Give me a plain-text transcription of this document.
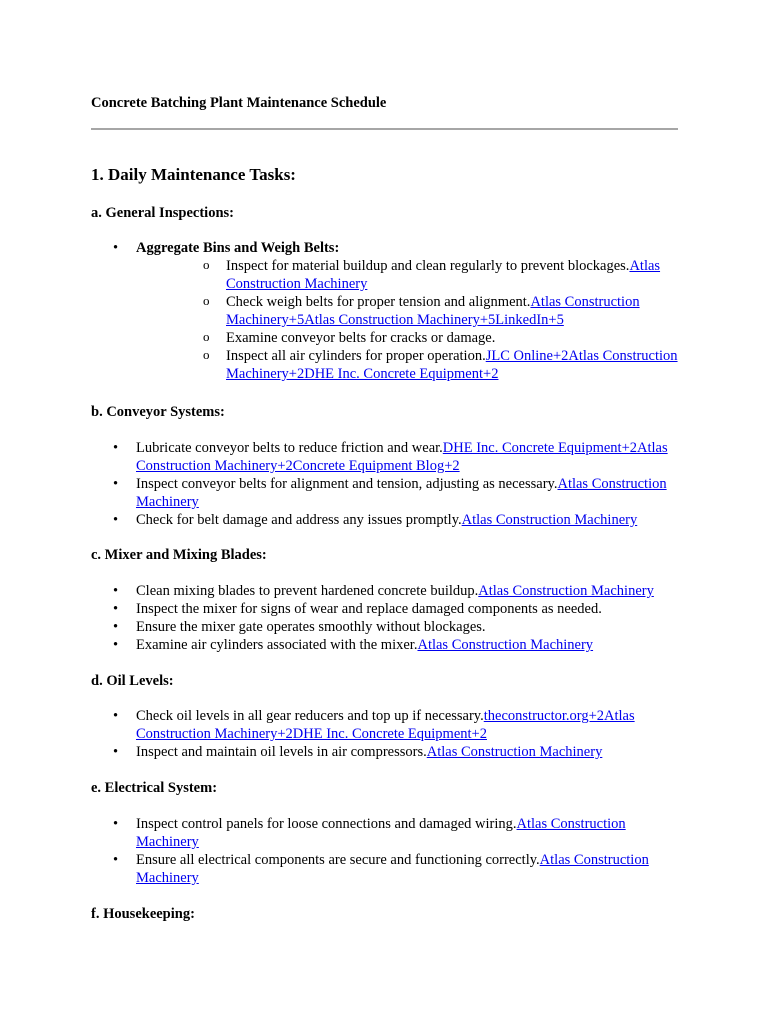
Concrete Batching Plant Maintenance Schedule
1. Daily Maintenance Tasks:
a. General Inspections:
• Aggregate Bins and Weigh Belts:
o Inspect for material buildup and clean regularly to prevent blockages.Atlas Construction Machinery
o Check weigh belts for proper tension and alignment.Atlas Construction Machinery+5Atlas Construction Machinery+5LinkedIn+5
o Examine conveyor belts for cracks or damage.
o Inspect all air cylinders for proper operation.JLC Online+2Atlas Construction Machinery+2DHE Inc. Concrete Equipment+2
b. Conveyor Systems:
• Lubricate conveyor belts to reduce friction and wear.DHE Inc. Concrete Equipment+2Atlas Construction Machinery+2Concrete Equipment Blog+2
• Inspect conveyor belts for alignment and tension, adjusting as necessary.Atlas Construction Machinery
• Check for belt damage and address any issues promptly.Atlas Construction Machinery
c. Mixer and Mixing Blades:
• Clean mixing blades to prevent hardened concrete buildup.Atlas Construction Machinery
• Inspect the mixer for signs of wear and replace damaged components as needed.
• Ensure the mixer gate operates smoothly without blockages.
• Examine air cylinders associated with the mixer.Atlas Construction Machinery
d. Oil Levels:
• Check oil levels in all gear reducers and top up if necessary.theconstructor.org+2Atlas Construction Machinery+2DHE Inc. Concrete Equipment+2
• Inspect and maintain oil levels in air compressors.Atlas Construction Machinery
e. Electrical System:
• Inspect control panels for loose connections and damaged wiring.Atlas Construction Machinery
• Ensure all electrical components are secure and functioning correctly.Atlas Construction Machinery
f. Housekeeping:
